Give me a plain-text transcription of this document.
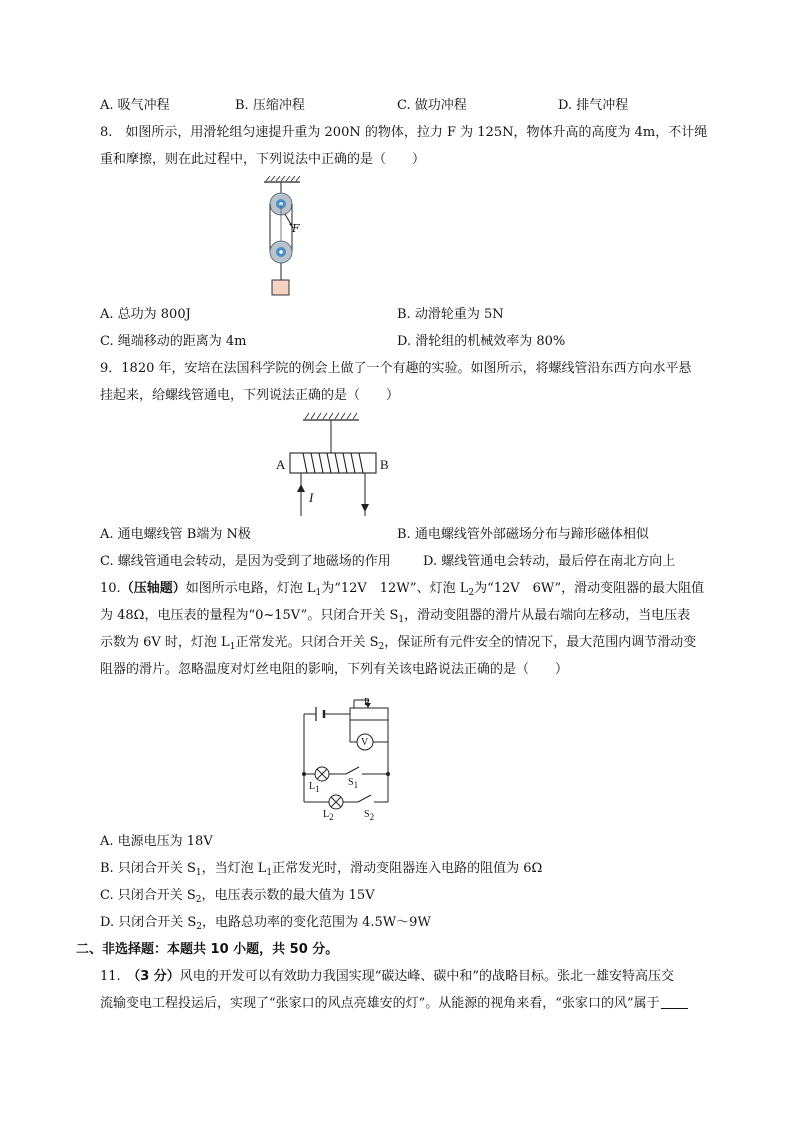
A. 吸气冲程	B. 压缩冲程	C. 做功冲程	D. 排气冲程
8.　如图所示，用滑轮组匀速提升重为 200N 的物体，拉力 F 为 125N，物体升高的高度为 4m，不计绳
重和摩擦，则在此过程中，下列说法中正确的是（　　）
F
A. 总功为 800J	B. 动滑轮重为 5N
C. 绳端移动的距离为 4m	D. 滑轮组的机械效率为 80%
9．1820 年，安培在法国科学院的例会上做了一个有趣的实验。如图所示，将螺线管沿东西方向水平悬
挂起来，给螺线管通电，下列说法正确的是（　　）
A	B
I
A. 通电螺线管 B端为 N极	B. 通电螺线管外部磁场分布与蹄形磁体相似
C. 螺线管通电会转动，是因为受到了地磁场的作用 D. 螺线管通电会转动，最后停在南北方向上
10.（压轴题）如图所示电路，灯泡 $L_1$为“12V　12W”、灯泡 $L_2$为“12V　6W”，滑动变阻器的最大阻值
为 48Ω，电压表的量程为“0~15V”。只闭合开关 $S_1$，滑动变阻器的滑片从最右端向左移动，当电压表
示数为 6V 时，灯泡 $L_1$正常发光。只闭合开关 $S_2$，保证所有元件安全的情况下，最大范围内调节滑动变
阻器的滑片。忽略温度对灯丝电阻的影响，下列有关该电路说法正确的是（　　）
P
V
$L_1$
$S_1$
$L_2$	$S_2$
A. 电源电压为 18V
B. 只闭合开关 $S_1$，当灯泡 $L_1$正常发光时，滑动变阻器连入电路的阻值为 6Ω
C. 只闭合开关 $S_2$，电压表示数的最大值为 15V
D. 只闭合开关 $S_2$，电路总功率的变化范围为 4.5W～9W
二、非选择题：本题共 10 小题，共 50 分。
11.　（3 分）风电的开发可以有效助力我国实现“碳达峰、碳中和”的战略目标。张北一雄安特高压交
流输变电工程投运后，实现了“张家口的风点亮雄安的灯”。从能源的视角来看，“张家口的风”属于
